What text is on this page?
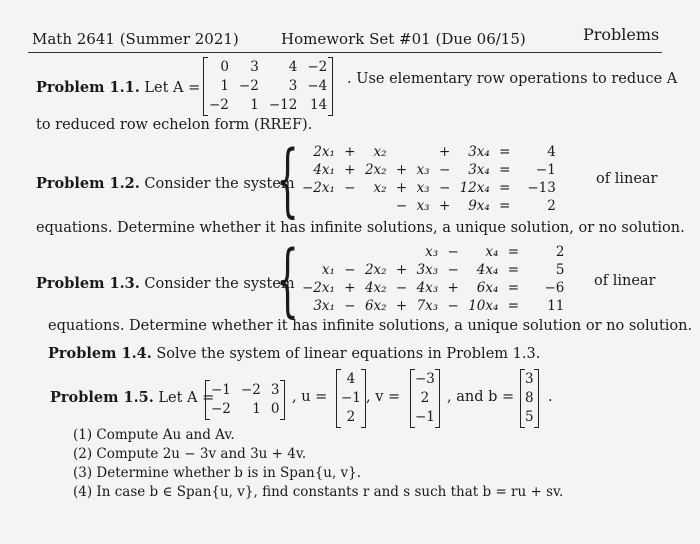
Math 2641 (Summer 2021)	Homework Set #01 (Due 06/15)	Problems
Problem 1.1. Let A =
0	3	4	−2
1	−2	3	−4
−2	1	−12	14
. Use elementary row operations to reduce A
to reduced row echelon form (RREF).
Problem 1.2. Consider the system
{ 2x₁	+	x₂			+	3x₄	=	4
4x₁	+	2x₂	+	x₃	−	3x₄	=	−1
−2x₁	−	x₂	+	x₃	−	12x₄	=	−13
			−	x₃	+	9x₄	=	2
of linear
equations. Determine whether it has infinite solutions, a unique solution, or no solution.
Problem 1.3. Consider the system
{
					x₃	−	x₄	=	2
x₁	−	2x₂	+	3x₃	−	4x₄	=	5
−2x₁	+	4x₂	−	4x₃	+	6x₄	=	−6
3x₁	−	6x₂	+	7x₃	−	10x₄	=	11
of linear
equations. Determine whether it has infinite solutions, a unique solution or no solution.
Problem 1.4. Solve the system of linear equations in Problem 1.3.
Problem 1.5. Let A =
−1	−2	3
−2	1	0
, u =
4
−1
2
, v =
−3
2
−1
, and b =
3
8
5
.
(1) Compute Au and Av.
(2) Compute 2u − 3v and 3u + 4v.
(3) Determine whether b is in Span{u, v}.
(4) In case b ∈ Span{u, v}, find constants r and s such that b = ru + sv.
